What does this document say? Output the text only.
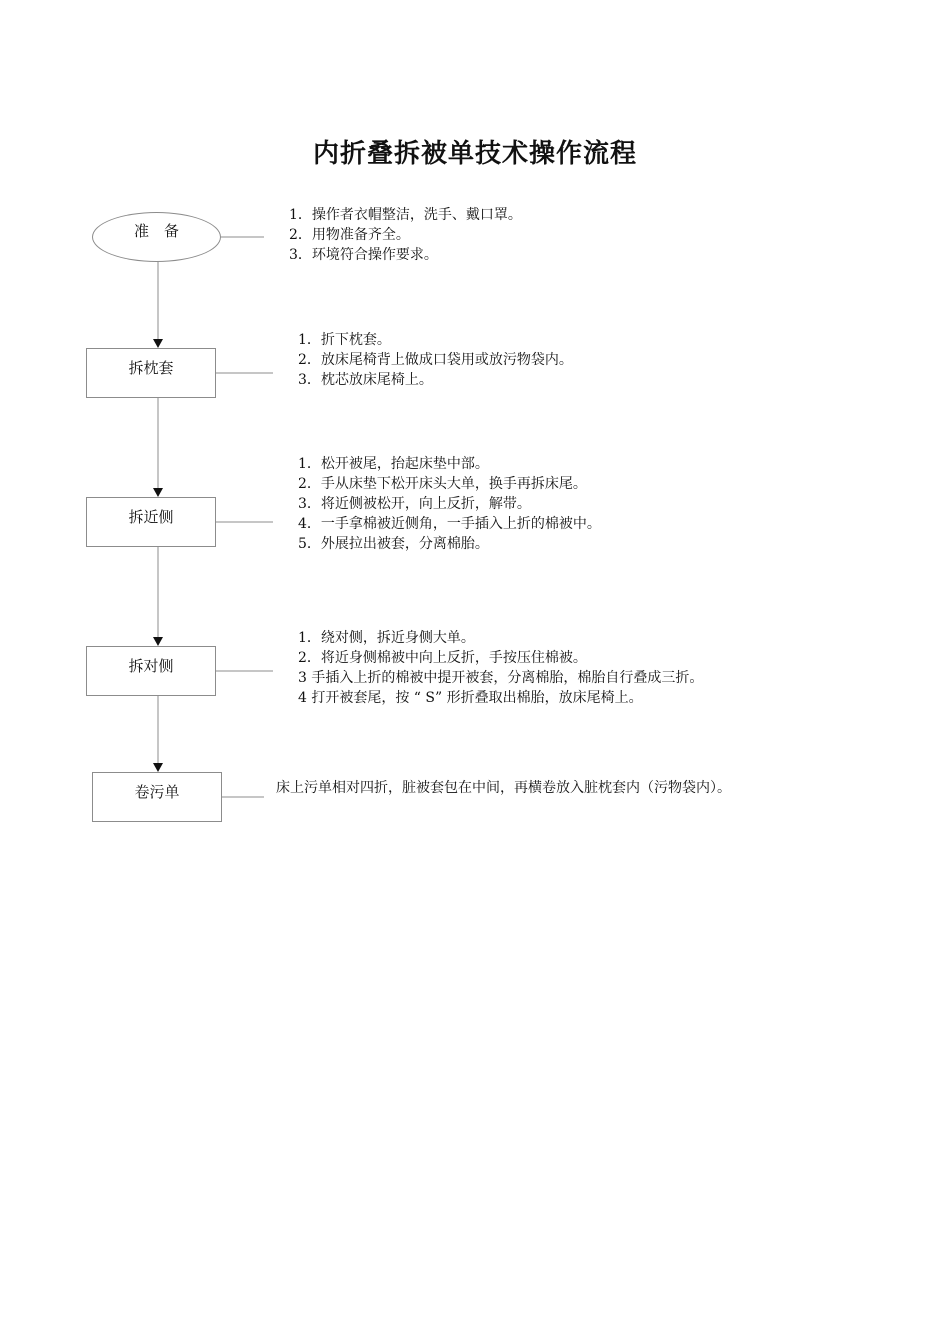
内折叠拆被单技术操作流程
准　备
1．操作者衣帽整洁，洗手、戴口罩。
2．用物准备齐全。
3．环境符合操作要求。
拆枕套
1．折下枕套。
2．放床尾椅背上做成口袋用或放污物袋内。
3．枕芯放床尾椅上。
拆近侧
1．松开被尾，抬起床垫中部。
2．手从床垫下松开床头大单，换手再拆床尾。
3．将近侧被松开，向上反折，解带。
4．一手拿棉被近侧角，一手插入上折的棉被中。
5．外展拉出被套，分离棉胎。
拆对侧
1．绕对侧，拆近身侧大单。
2．将近身侧棉被中向上反折，手按压住棉被。
3 手插入上折的棉被中提开被套，分离棉胎，棉胎自行叠成三折。
4 打开被套尾，按 “ S” 形折叠取出棉胎，放床尾椅上。
卷污单	床上污单相对四折，脏被套包在中间，再横卷放入脏枕套内（污物袋内）。
